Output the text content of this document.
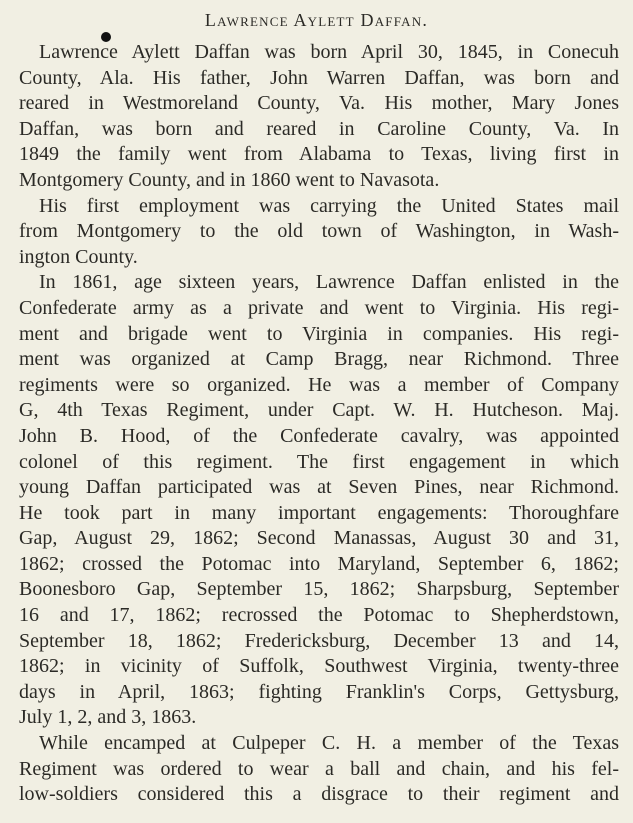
Lawrence Aylett Daffan.
Lawrence Aylett Daffan was born April 30, 1845, in Conecuh
County, Ala. His father, John Warren Daffan, was born and
reared in Westmoreland County, Va. His mother, Mary Jones
Daffan, was born and reared in Caroline County, Va. In
1849 the family went from Alabama to Texas, living first in
Montgomery County, and in 1860 went to Navasota.
His first employment was carrying the United States mail
from Montgomery to the old town of Washington, in Wash-
ington County.
In 1861, age sixteen years, Lawrence Daffan enlisted in the
Confederate army as a private and went to Virginia. His regi-
ment and brigade went to Virginia in companies. His regi-
ment was organized at Camp Bragg, near Richmond. Three
regiments were so organized. He was a member of Company
G, 4th Texas Regiment, under Capt. W. H. Hutcheson. Maj.
John B. Hood, of the Confederate cavalry, was appointed
colonel of this regiment. The first engagement in which
young Daffan participated was at Seven Pines, near Richmond.
He took part in many important engagements: Thoroughfare
Gap, August 29, 1862; Second Manassas, August 30 and 31,
1862; crossed the Potomac into Maryland, September 6, 1862;
Boonesboro Gap, September 15, 1862; Sharpsburg, September
16 and 17, 1862; recrossed the Potomac to Shepherdstown,
September 18, 1862; Fredericksburg, December 13 and 14,
1862; in vicinity of Suffolk, Southwest Virginia, twenty-three
days in April, 1863; fighting Franklin's Corps, Gettysburg,
July 1, 2, and 3, 1863.
While encamped at Culpeper C. H. a member of the Texas
Regiment was ordered to wear a ball and chain, and his fel-
low-soldiers considered this a disgrace to their regiment and
